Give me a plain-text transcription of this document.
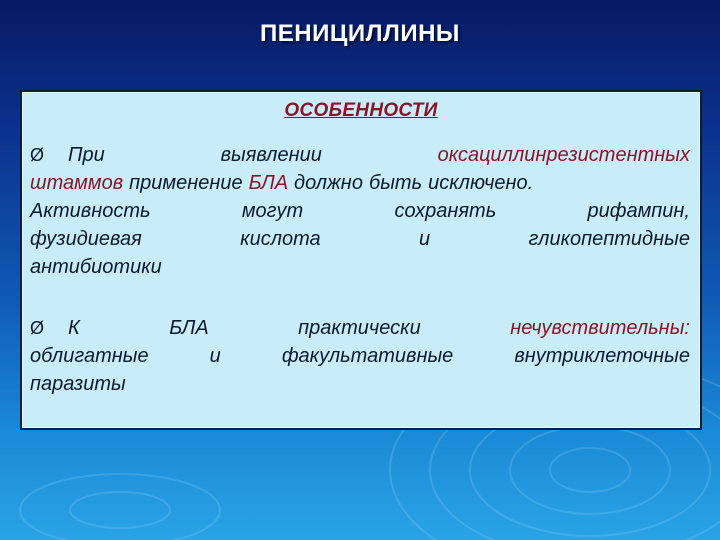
ПЕНИЦИЛЛИНЫ
ОСОБЕННОСТИ
Ø При	выявлении	оксациллинрезистентных
штаммов применение БЛА должно быть исключено.
Активность	могут	сохранять	рифампин,
фузидиевая	кислота	и	гликопептидные
антибиотики
Ø К	БЛА	практически	нечувствительны:
облигатные	и	факультативные	внутриклеточные
паразиты
